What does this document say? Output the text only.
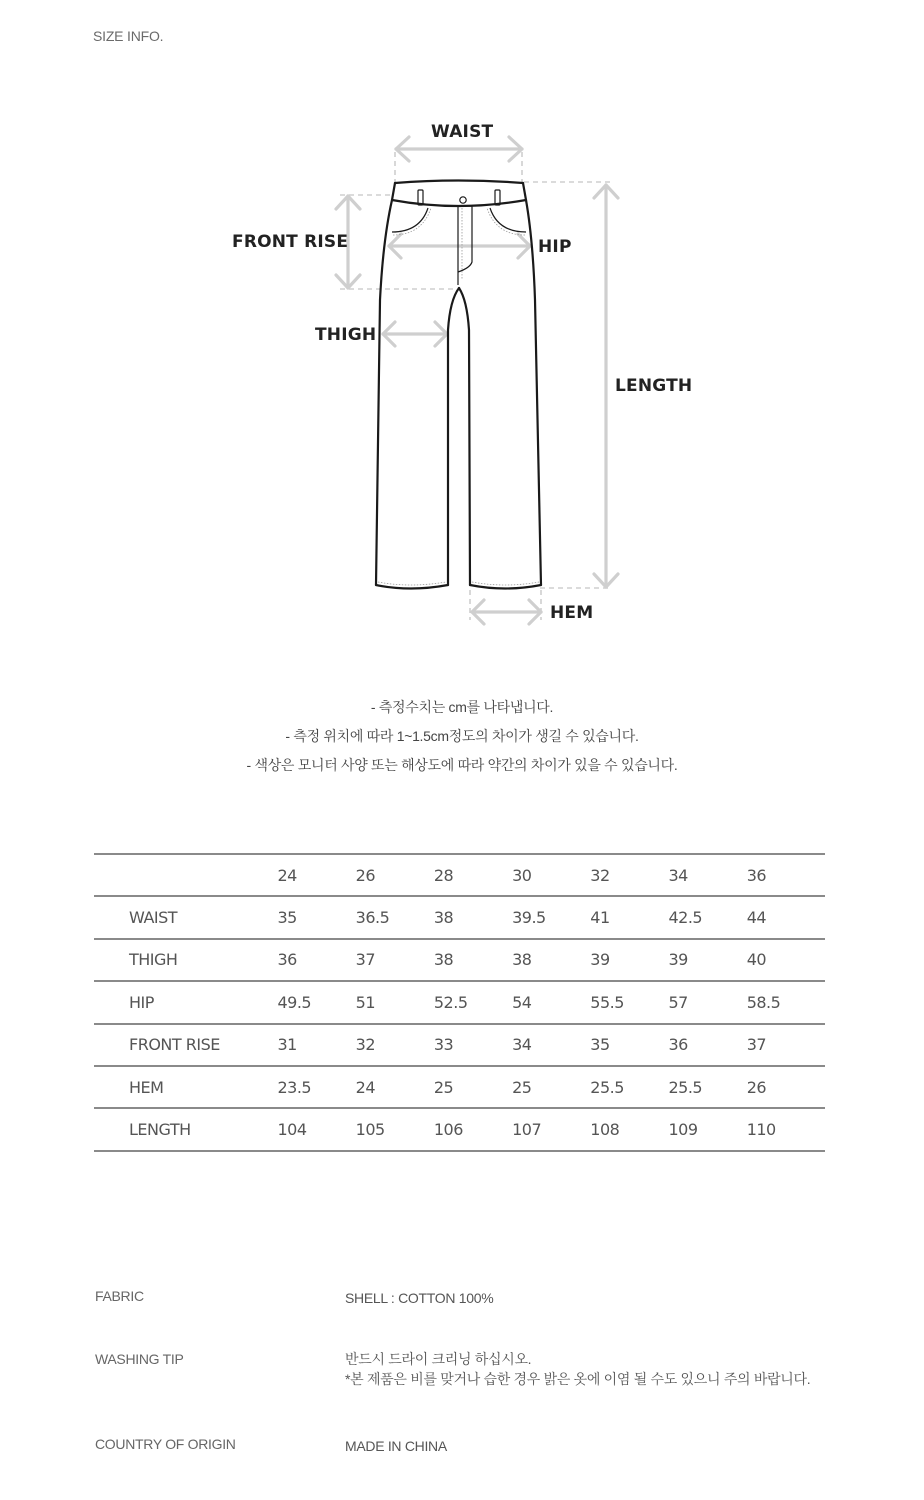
SIZE INFO.
WAIST
FRONT RISE	HIP
THIGH
LENGTH
HEM
- 측정수치는 cm를 나타냅니다.
- 측정 위치에 따라 1~1.5cm정도의 차이가 생길 수 있습니다.
- 색상은 모니터 사양 또는 해상도에 따라 약간의 차이가 있을 수 있습니다.
	24	26	28	30	32	34	36
WAIST	35	36.5	38	39.5	41	42.5	44
THIGH	36	37	38	38	39	39	40
HIP	49.5	51	52.5	54	55.5	57	58.5
FRONT RISE	31	32	33	34	35	36	37
HEM	23.5	24	25	25	25.5	25.5	26
LENGTH	104	105	106	107	108	109	110
FABRIC	SHELL : COTTON 100%
WASHING TIP	반드시 드라이 크리닝 하십시오.
*본 제품은 비를 맞거나 습한 경우 밝은 옷에 이염 될 수도 있으니 주의 바랍니다.
COUNTRY OF ORIGIN	MADE IN CHINA
